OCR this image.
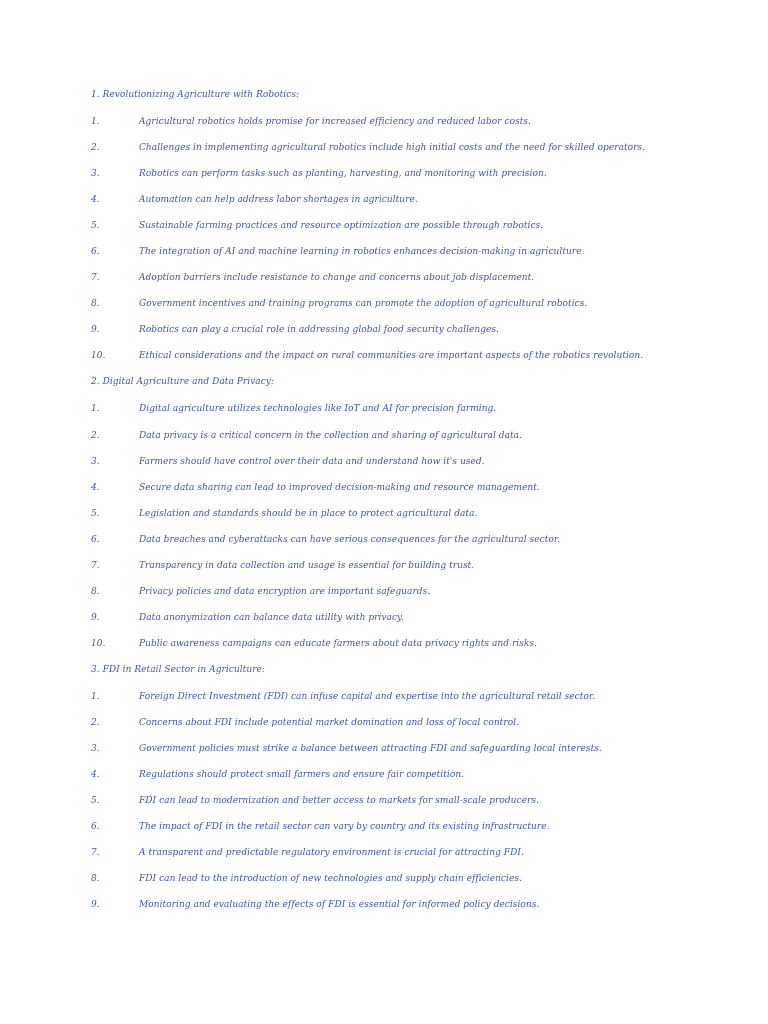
1. Revolutionizing Agriculture with Robotics:
1.	Agricultural robotics holds promise for increased efficiency and reduced labor costs.
2.	Challenges in implementing agricultural robotics include high initial costs and the need for skilled operators.
3.	Robotics can perform tasks such as planting, harvesting, and monitoring with precision.
4.	Automation can help address labor shortages in agriculture.
5.	Sustainable farming practices and resource optimization are possible through robotics.
6.	The integration of AI and machine learning in robotics enhances decision-making in agriculture.
7.	Adoption barriers include resistance to change and concerns about job displacement.
8.	Government incentives and training programs can promote the adoption of agricultural robotics.
9.	Robotics can play a crucial role in addressing global food security challenges.
10.	Ethical considerations and the impact on rural communities are important aspects of the robotics revolution.
2. Digital Agriculture and Data Privacy:
1.	Digital agriculture utilizes technologies like IoT and AI for precision farming.
2.	Data privacy is a critical concern in the collection and sharing of agricultural data.
3.	Farmers should have control over their data and understand how it's used.
4.	Secure data sharing can lead to improved decision-making and resource management.
5.	Legislation and standards should be in place to protect agricultural data.
6.	Data breaches and cyberattacks can have serious consequences for the agricultural sector.
7.	Transparency in data collection and usage is essential for building trust.
8.	Privacy policies and data encryption are important safeguards.
9.	Data anonymization can balance data utility with privacy.
10.	Public awareness campaigns can educate farmers about data privacy rights and risks.
3. FDI in Retail Sector in Agriculture:
1.	Foreign Direct Investment (FDI) can infuse capital and expertise into the agricultural retail sector.
2.	Concerns about FDI include potential market domination and loss of local control.
3.	Government policies must strike a balance between attracting FDI and safeguarding local interests.
4.	Regulations should protect small farmers and ensure fair competition.
5.	FDI can lead to modernization and better access to markets for small-scale producers.
6.	The impact of FDI in the retail sector can vary by country and its existing infrastructure.
7.	A transparent and predictable regulatory environment is crucial for attracting FDI.
8.	FDI can lead to the introduction of new technologies and supply chain efficiencies.
9.	Monitoring and evaluating the effects of FDI is essential for informed policy decisions.
